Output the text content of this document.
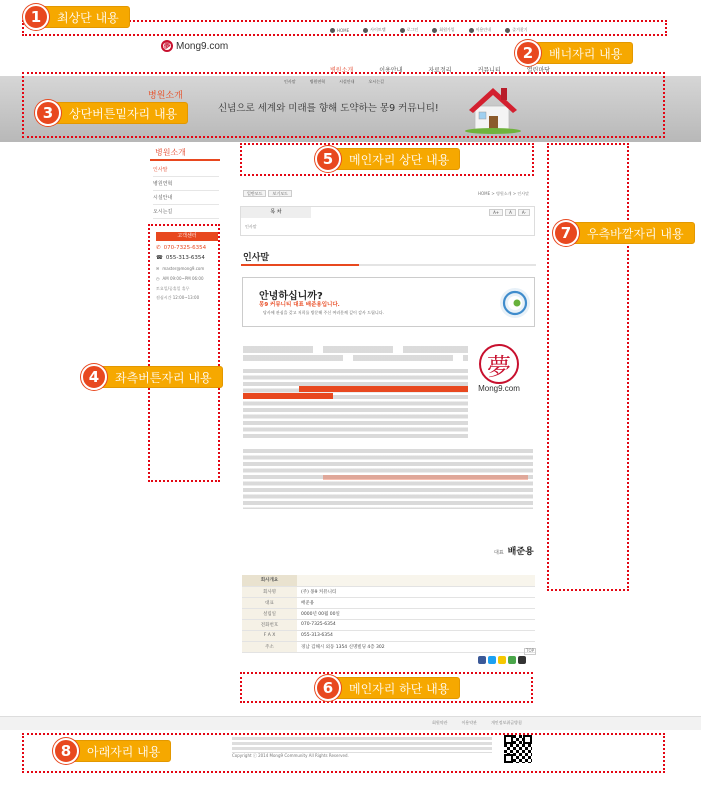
HOME	사이트맵	로그인	회원가입	이용안내	즐겨찾기
夢 Mong9.com
병원소개	이용안내	자료정리	커뮤니티	열린마당
인사말	병원연혁	시설안내	오시는길
병원소개
신념으로 세계와 미래를 향해 도약하는 몽9 커뮤니티!
병원소개
인사말
병원연혁
시설안내
오시는길
고객센터
✆ 070-7325-6354
☎ 055-313-6354
✉ master@mong9.com
◷ AM 09:00~PM 06:00
토요일/공휴일 휴무
점심시간 12:00~13:00
일반모드	보기모드	HOME > 병원소개 > 인사말
목 차
인사말
A+	A	A-
인사말
안녕하십니까?
몽9 커뮤니티 대표 배준용입니다.
당사에 관심을 갖고 저희를 방문해 주신 여러분께 깊이 감사 드립니다.
夢
Mong9.com
대표 배준용
회사개요	
회사명	(주) 몽9 커뮤니티
대표	배준용
설립일	0000년 00월 00일
전화번호	070-7325-6354
F A X	055-313-6354
주소	경남 김해시 외동 1354 신명빌딩 4층 302
TOP
회원약관	이용약관	개인정보취급방침
Copyright ⓒ 2014 Mong9 Community All Rights Reserved.
1	최상단 내용
2	배너자리 내용
3	상단버튼밑자리 내용
4	좌측버튼자리 내용
5	메인자리 상단 내용
6	메인자리 하단 내용
7	우측바깥자리 내용
8	아래자리 내용
